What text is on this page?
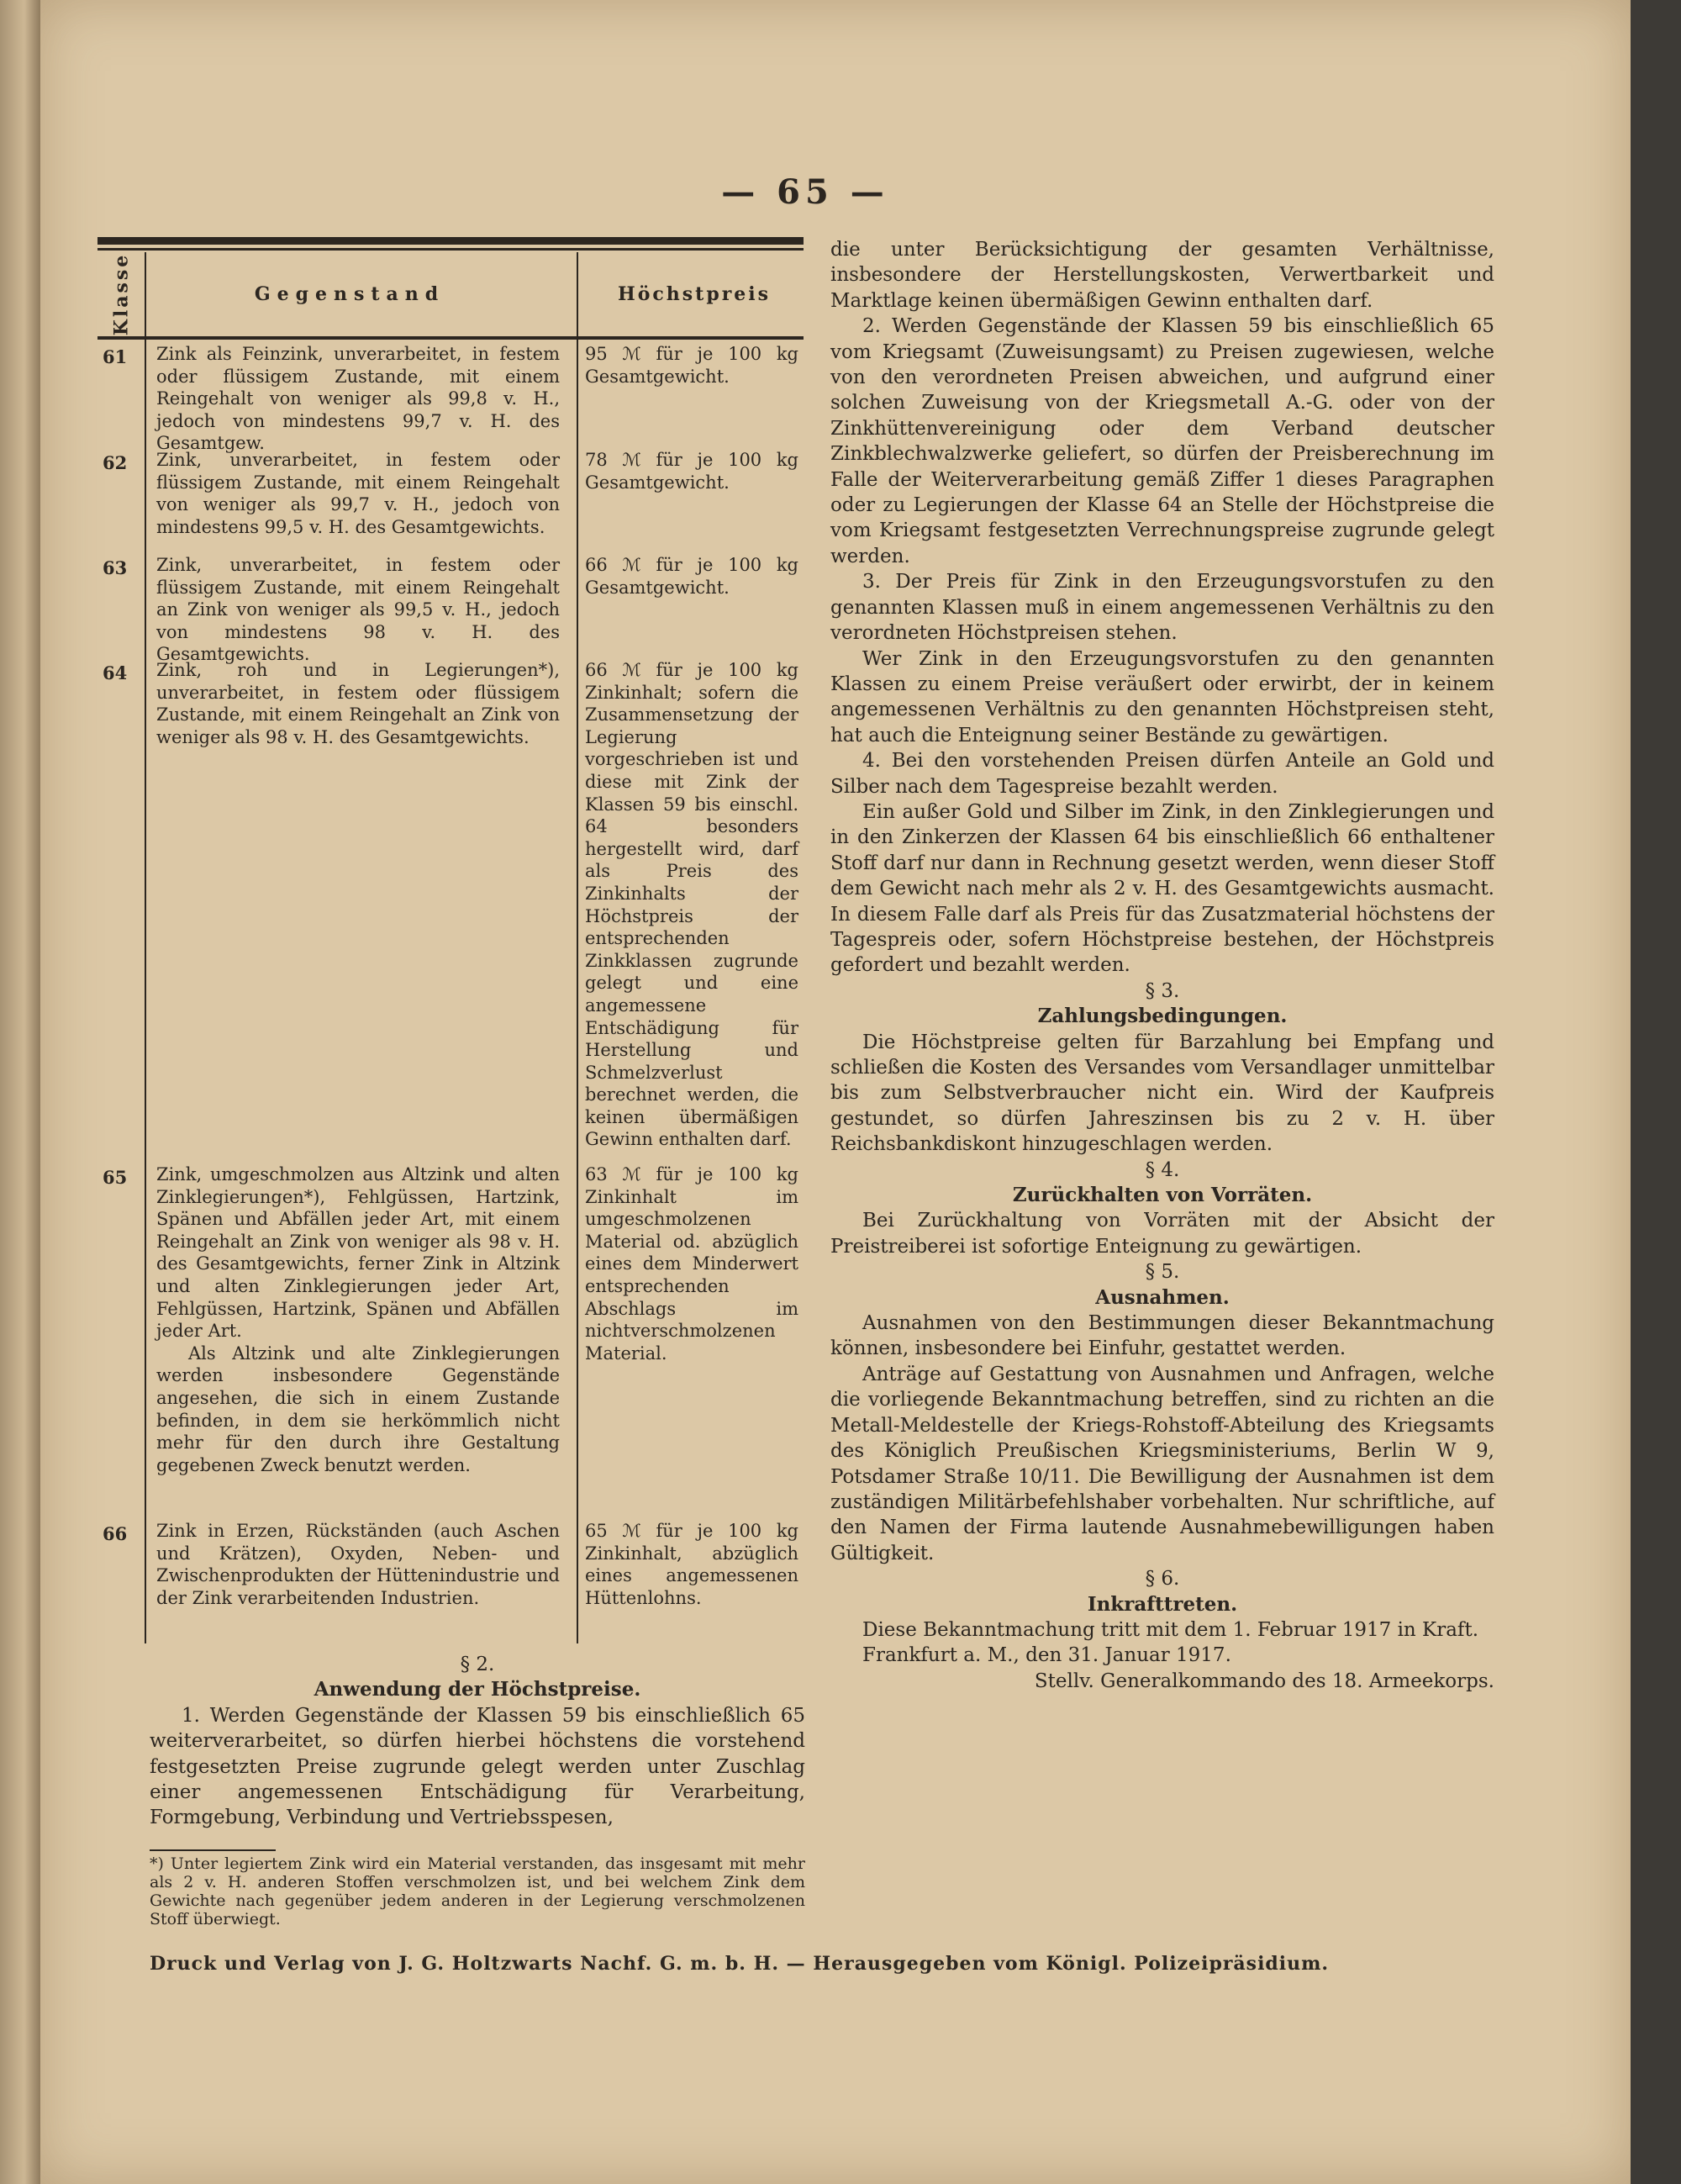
— 65 —
Klasse	Gegenstand	Höchstpreis
61	Zink als Feinzink, unverarbeitet, in festem oder flüssigem Zustande, mit einem Reingehalt von weniger als 99,8 v. H., jedoch von mindestens 99,7 v. H. des Gesamtgew.
95 ℳ für je 100 kg Gesamtgewicht.
62	Zink, unverarbeitet, in festem oder flüssigem Zustande, mit einem Reingehalt von weniger als 99,7 v. H., jedoch von mindestens 99,5 v. H. des Gesamtgewichts.
78 ℳ für je 100 kg Gesamtgewicht.
63	Zink, unverarbeitet, in festem oder flüssigem Zustande, mit einem Reingehalt an Zink von weniger als 99,5 v. H., jedoch von mindestens 98 v. H. des Gesamtgewichts.
66 ℳ für je 100 kg Gesamtgewicht.
64	Zink, roh und in Legierungen*), unverarbeitet, in festem oder flüssigem Zustande, mit einem Reingehalt an Zink von weniger als 98 v. H. des Gesamtgewichts.
66 ℳ für je 100 kg Zinkinhalt; sofern die Zusammensetzung der Legierung vorgeschrieben ist und diese mit Zink der Klassen 59 bis einschl. 64 besonders hergestellt wird, darf als Preis des Zinkinhalts der Höchstpreis der entsprechenden Zinkklassen zugrunde gelegt und eine angemessene Entschädigung für Herstellung und Schmelzverlust berechnet werden, die keinen übermäßigen Gewinn enthalten darf.
65	Zink, umgeschmolzen aus Altzink und alten Zinklegierungen*), Fehlgüssen, Hartzink, Spänen und Abfällen jeder Art, mit einem Reingehalt an Zink von weniger als 98 v. H. des Gesamtgewichts, ferner Zink in Altzink und alten Zinklegierungen jeder Art, Fehlgüssen, Hartzink, Spänen und Abfällen jeder Art.

Als Altzink und alte Zinklegierungen werden insbesondere Gegenstände angesehen, die sich in einem Zustande befinden, in dem sie herkömmlich nicht mehr für den durch ihre Gestaltung gegebenen Zweck benutzt werden.

63 ℳ für je 100 kg Zinkinhalt im umgeschmolzenen Material od. abzüglich eines dem Minderwert entsprechenden Abschlags im nichtverschmolzenen Material.
66	Zink in Erzen, Rückständen (auch Aschen und Krätzen), Oxyden, Neben- und Zwischenprodukten der Hüttenindustrie und der Zink verarbeitenden Industrien.
65 ℳ für je 100 kg Zinkinhalt, abzüglich eines angemessenen Hüttenlohns.

§ 2.

Anwendung der Höchstpreise.

1. Werden Gegenstände der Klassen 59 bis einschließlich 65 weiterverarbeitet, so dürfen hierbei höchstens die vorstehend festgesetzten Preise zugrunde gelegt werden unter Zuschlag einer angemessenen Entschädigung für Verarbeitung, Formgebung, Verbindung und Vertriebsspesen,

*) Unter legiertem Zink wird ein Material verstanden, das insgesamt mit mehr als 2 v. H. anderen Stoffen verschmolzen ist, und bei welchem Zink dem Gewichte nach gegenüber jedem anderen in der Legierung verschmolzenen Stoff überwiegt.

die unter Berücksichtigung der gesamten Verhältnisse, insbesondere der Herstellungskosten, Verwertbarkeit und Marktlage keinen übermäßigen Gewinn enthalten darf.

2. Werden Gegenstände der Klassen 59 bis einschließlich 65 vom Kriegsamt (Zuweisungsamt) zu Preisen zugewiesen, welche von den verordneten Preisen abweichen, und aufgrund einer solchen Zuweisung von der Kriegsmetall A.-G. oder von der Zinkhüttenvereinigung oder dem Verband deutscher Zinkblechwalzwerke geliefert, so dürfen der Preisberechnung im Falle der Weiterverarbeitung gemäß Ziffer 1 dieses Paragraphen oder zu Legierungen der Klasse 64 an Stelle der Höchstpreise die vom Kriegsamt festgesetzten Verrechnungspreise zugrunde gelegt werden.

3. Der Preis für Zink in den Erzeugungsvorstufen zu den genannten Klassen muß in einem angemessenen Verhältnis zu den verordneten Höchstpreisen stehen.

Wer Zink in den Erzeugungsvorstufen zu den genannten Klassen zu einem Preise veräußert oder erwirbt, der in keinem angemessenen Verhältnis zu den genannten Höchstpreisen steht, hat auch die Enteignung seiner Bestände zu gewärtigen.

4. Bei den vorstehenden Preisen dürfen Anteile an Gold und Silber nach dem Tagespreise bezahlt werden.

Ein außer Gold und Silber im Zink, in den Zinklegierungen und in den Zinkerzen der Klassen 64 bis einschließlich 66 enthaltener Stoff darf nur dann in Rechnung gesetzt werden, wenn dieser Stoff dem Gewicht nach mehr als 2 v. H. des Gesamtgewichts ausmacht. In diesem Falle darf als Preis für das Zusatzmaterial höchstens der Tagespreis oder, sofern Höchstpreise bestehen, der Höchstpreis gefordert und bezahlt werden.

§ 3.

Zahlungsbedingungen.

Die Höchstpreise gelten für Barzahlung bei Empfang und schließen die Kosten des Versandes vom Versandlager unmittelbar bis zum Selbstverbraucher nicht ein. Wird der Kaufpreis gestundet, so dürfen Jahreszinsen bis zu 2 v. H. über Reichsbankdiskont hinzugeschlagen werden.

§ 4.

Zurückhalten von Vorräten.

Bei Zurückhaltung von Vorräten mit der Absicht der Preistreiberei ist sofortige Enteignung zu gewärtigen.

§ 5.

Ausnahmen.

Ausnahmen von den Bestimmungen dieser Bekanntmachung können, insbesondere bei Einfuhr, gestattet werden.

Anträge auf Gestattung von Ausnahmen und Anfragen, welche die vorliegende Bekanntmachung betreffen, sind zu richten an die Metall-Meldestelle der Kriegs-Rohstoff-Abteilung des Kriegsamts des Königlich Preußischen Kriegsministeriums, Berlin W 9, Potsdamer Straße 10/11. Die Bewilligung der Ausnahmen ist dem zuständigen Militärbefehlshaber vorbehalten. Nur schriftliche, auf den Namen der Firma lautende Ausnahmebewilligungen haben Gültigkeit.

§ 6.

Inkrafttreten.

Diese Bekanntmachung tritt mit dem 1. Februar 1917 in Kraft.

Frankfurt a. M., den 31. Januar 1917.

Stellv. Generalkommando des 18. Armeekorps.

Druck und Verlag von J. G. Holtzwarts Nachf. G. m. b. H. — Herausgegeben vom Königl. Polizeipräsidium.
